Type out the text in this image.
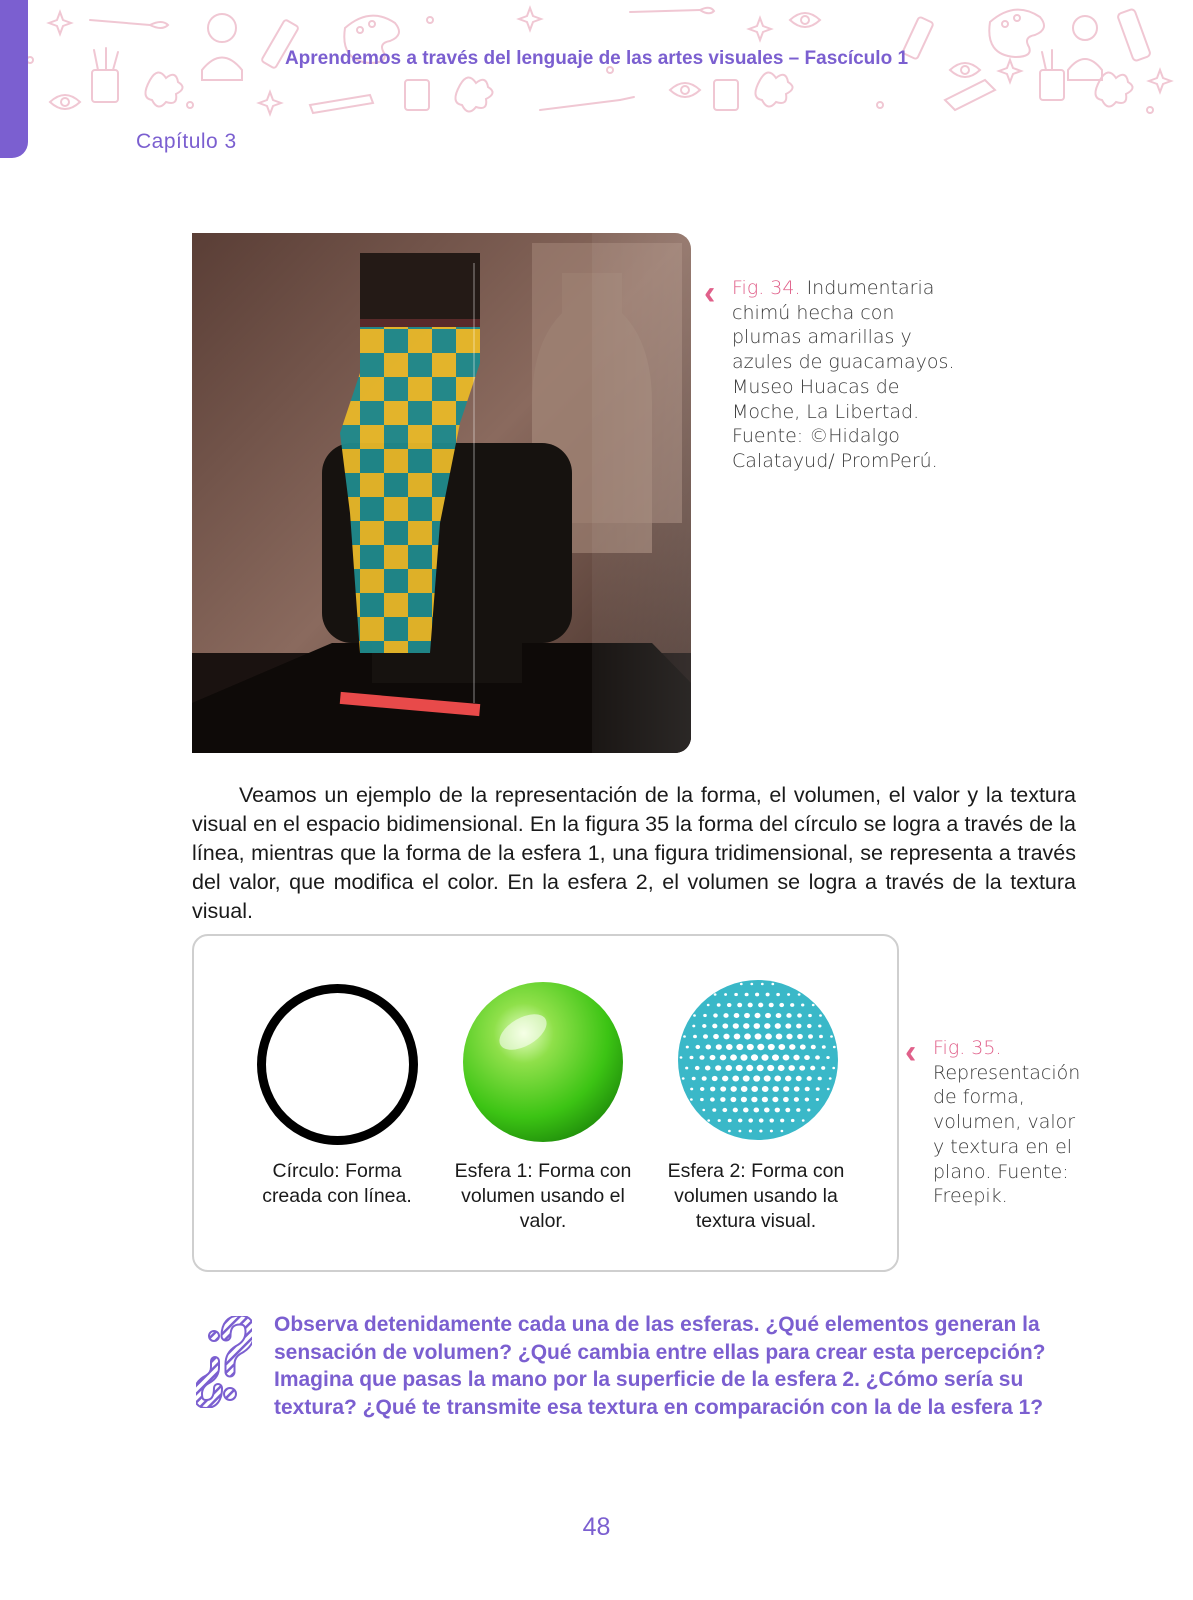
Aprendemos a través del lenguaje de las artes visuales – Fascículo 1
Capítulo 3
‹ Fig. 34. Indumentaria chimú hecha con plumas amarillas y azules de guacamayos. Museo Huacas de Moche, La Libertad. Fuente: ©Hidalgo Calatayud/ PromPerú.
Veamos un ejemplo de la representación de la forma, el volumen, el valor y la textura visual en el espacio bidimensional. En la figura 35 la forma del círculo se logra a través de la línea, mientras que la forma de la esfera 1, una figura tridimensional, se representa a través del valor, que modifica el color. En la esfera 2, el volumen se logra a través de la textura visual.
Círculo: Forma creada con línea.
Esfera 1: Forma con volumen usando el valor.
Esfera 2: Forma con volumen usando la textura visual.
‹ Fig. 35.
Representación de forma, volumen, valor y textura en el plano. Fuente: Freepik.
Observa detenidamente cada una de las esferas. ¿Qué elementos generan la sensación de volumen? ¿Qué cambia entre ellas para crear esta percepción? Imagina que pasas la mano por la superficie de la esfera 2. ¿Cómo sería su textura? ¿Qué te transmite esa textura en comparación con la de la esfera 1?
48
